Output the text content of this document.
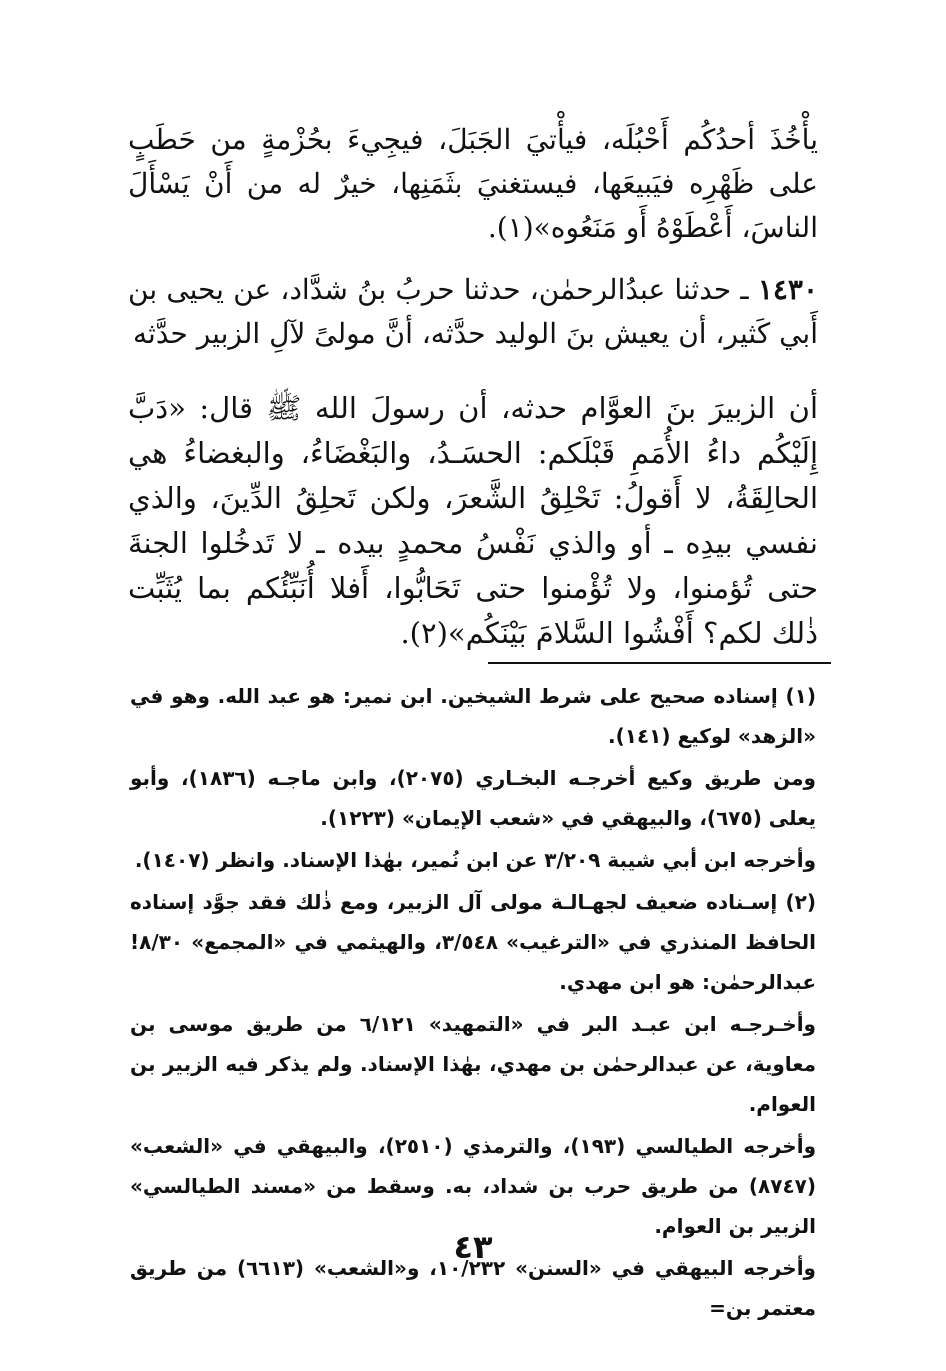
يأْخُذَ أحدُكُم أَحْبُلَه، فيأْتيَ الجَبَلَ، فيجِيءَ بحُزْمةٍ من حَطَبٍ على ظَهْرِه فيَبيعَها، فيستغنيَ بثَمَنِها، خيرٌ له من أَنْ يَسْأَلَ الناسَ، أَعْطَوْهُ أَو مَنَعُوه»(١).

١٤٣٠ ـ حدثنا عبدُالرحمٰن، حدثنا حربُ بنُ شدَّاد، عن يحيى بن أَبي كَثير، أن يعيش بنَ الوليد حدَّثه، أنَّ مولىً لآلِ الزبير حدَّثه

أن الزبيرَ بنَ العوَّام حدثه، أن رسولَ الله ﷺ قال: «دَبَّ إِلَيْكُم داءُ الأُمَمِ قَبْلَكم: الحسَـدُ، والبَغْضَاءُ، والبغضاءُ هي الحالِقَةُ، لا أَقولُ: تَحْلِقُ الشَّعرَ، ولكن تَحلِقُ الدِّينَ، والذي نفسي بيدِه ـ أو والذي نَفْسُ محمدٍ بيده ـ لا تَدخُلوا الجنةَ حتى تُؤمنوا، ولا تُؤْمنوا حتى تَحَابُّوا، أَفلا أُنَبِّئُكم بما يُثَبِّت ذٰلك لكم؟ أَفْشُوا السَّلامَ بَيْنَكُم»(٢).

(١) إسناده صحيح على شرط الشيخين. ابن نمير: هو عبد الله. وهو في «الزهد» لوكيع (١٤١).

ومن طريق وكيع أخرجـه البخـاري (٢٠٧٥)، وابن ماجـه (١٨٣٦)، وأبو يعلى (٦٧٥)، والبيهقي في «شعب الإيمان» (١٢٢٣).

وأخرجه ابن أبي شيبة ٣/٢٠٩ عن ابن نُمير، بهٰذا الإسناد. وانظر (١٤٠٧).

(٢) إسـناده ضعيف لجهـالـة مولى آل الزبير، ومع ذٰلك فقد جوَّد إسناده الحافظ المنذري في «الترغيب» ٣/٥٤٨، والهيثمي في «المجمع» ٨/٣٠! عبدالرحمٰن: هو ابن مهدي.

وأخـرجـه ابن عبـد البر في «التمهيد» ٦/١٢١ من طريق موسى بن معاوية، عن عبدالرحمٰن بن مهدي، بهٰذا الإسناد. ولم يذكر فيه الزبير بن العوام.

وأخرجه الطيالسي (١٩٣)، والترمذي (٢٥١٠)، والبيهقي في «الشعب» (٨٧٤٧) من طريق حرب بن شداد، به. وسقط من «مسند الطيالسي» الزبير بن العوام.

وأخرجه البيهقي في «السنن» ١٠/٢٣٢، و«الشعب» (٦٦١٣) من طريق معتمر بن=

٤٣
